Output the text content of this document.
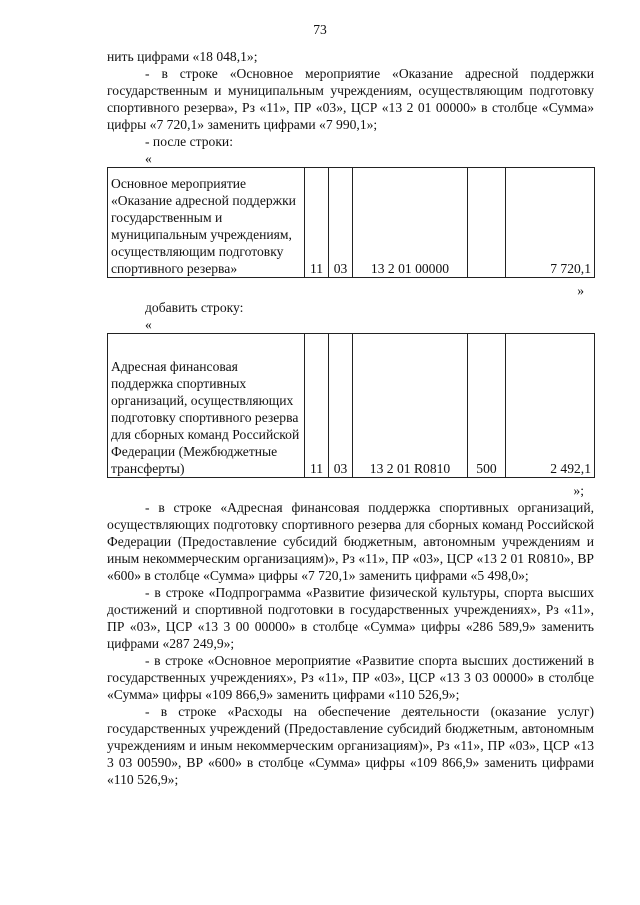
73

нить цифрами «18 048,1»;

- в строке «Основное мероприятие «Оказание адресной поддержки государственным и муниципальным учреждениям, осуществляющим подготовку спортивного резерва», Рз «11», ПР «03», ЦСР «13 2 01 00000» в столбце «Сумма» цифры «7 720,1» заменить цифрами «7 990,1»;

- после строки:

«

Основное мероприятие «Оказание адресной поддержки государственным и муниципальным учреждениям, осуществляющим подготовку спортивного резерва»	11	03	13 2 01 00000		7 720,1

»

добавить строку:

«

Адресная финансовая поддержка спортивных организаций, осуществляющих подготовку спортивного резерва для сборных команд Российской Федерации (Межбюджетные трансферты)	11	03	13 2 01 R0810	500	2 492,1

»;

- в строке «Адресная финансовая поддержка спортивных организаций, осуществляющих подготовку спортивного резерва для сборных команд Российской Федерации (Предоставление субсидий бюджетным, автономным учреждениям и иным некоммерческим организациям)», Рз «11», ПР «03», ЦСР «13 2 01 R0810», ВР «600» в столбце «Сумма» цифры «7 720,1» заменить цифрами «5 498,0»;

- в строке «Подпрограмма «Развитие физической культуры, спорта высших достижений и спортивной подготовки в государственных учреждениях», Рз «11», ПР «03», ЦСР «13 3 00 00000» в столбце «Сумма» цифры «286 589,9» заменить цифрами «287 249,9»;

- в строке «Основное мероприятие «Развитие спорта высших достижений в государственных учреждениях», Рз «11», ПР «03», ЦСР «13 3 03 00000» в столбце «Сумма» цифры «109 866,9» заменить цифрами «110 526,9»;

- в строке «Расходы на обеспечение деятельности (оказание услуг) государственных учреждений (Предоставление субсидий бюджетным, автономным учреждениям и иным некоммерческим организациям)», Рз «11», ПР «03», ЦСР «13 3 03 00590», ВР «600» в столбце «Сумма» цифры «109 866,9» заменить цифрами «110 526,9»;
